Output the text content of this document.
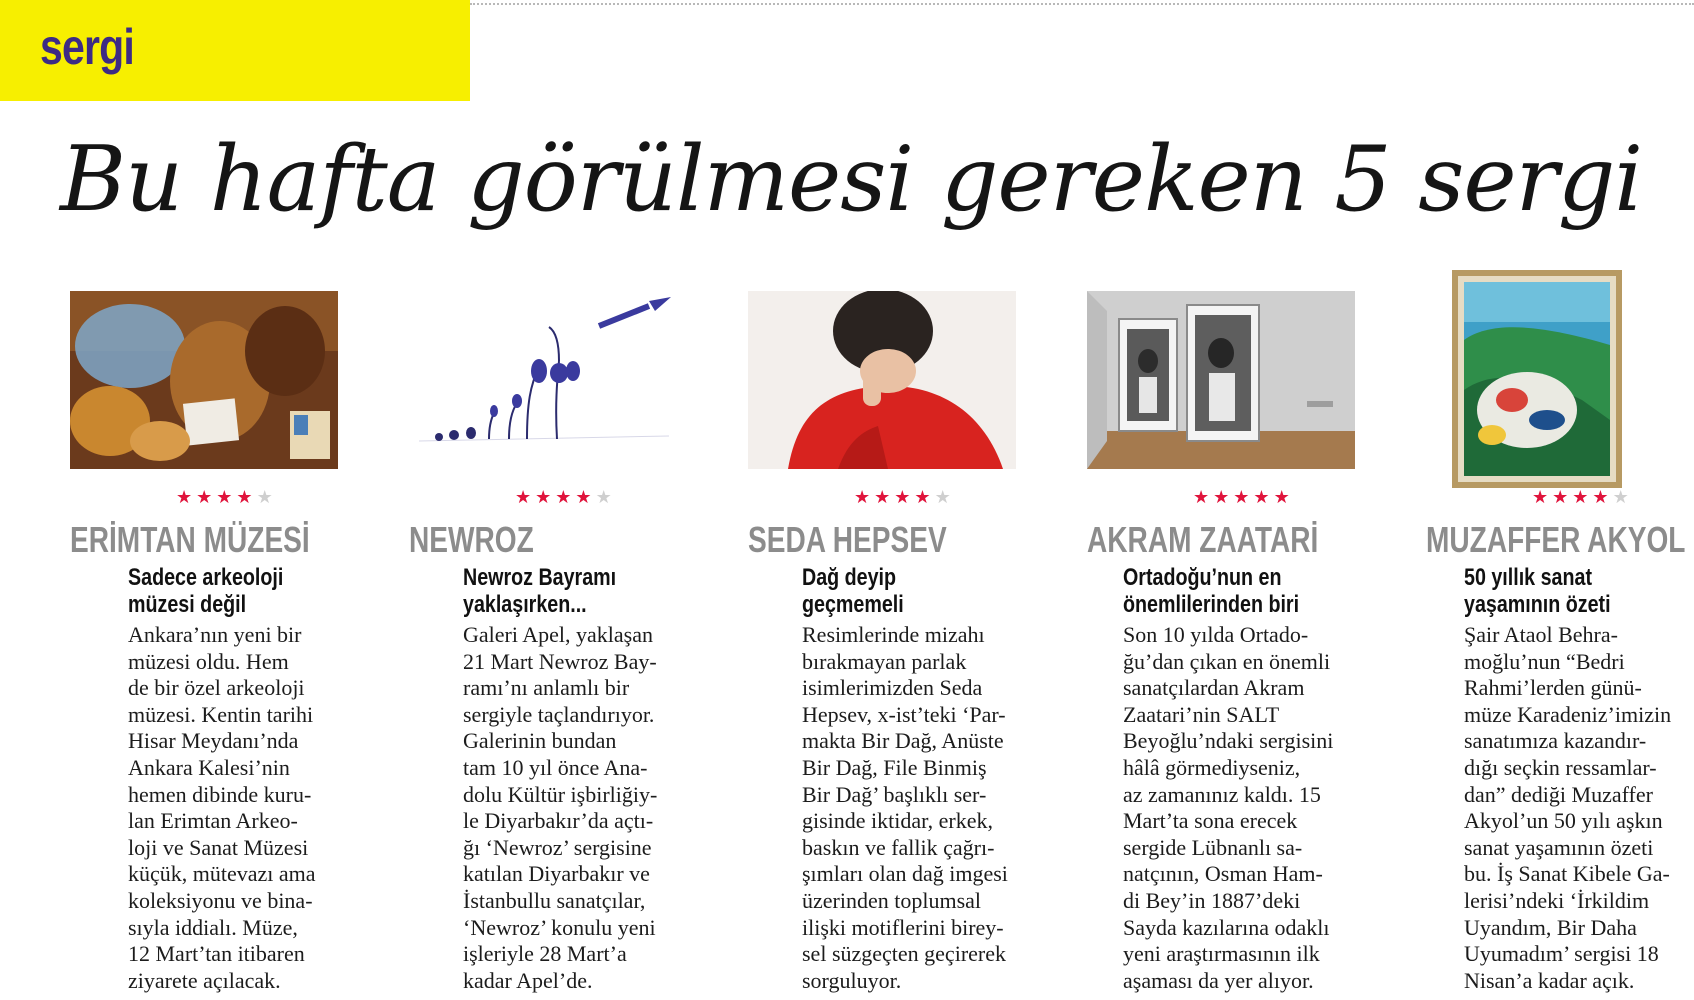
sergi
Bu hafta görülmesi gereken 5 sergi
★★★★★
ERİMTAN MÜZESİ
Sadece arkeoloji
müzesi değil

Ankara’nın yeni bir
müzesi oldu. Hem
de bir özel arkeoloji
müzesi. Kentin tarihi
Hisar Meydanı’nda
Ankara Kalesi’nin
hemen dibinde kuru-
lan Erimtan Arkeo-
loji ve Sanat Müzesi
küçük, mütevazı ama
koleksiyonu ve bina-
sıyla iddialı. Müze,
12 Mart’tan itibaren
ziyarete açılacak.

★★★★★
NEWROZ
Newroz Bayramı
yaklaşırken...

Galeri Apel, yaklaşan
21 Mart Newroz Bay-
ramı’nı anlamlı bir
sergiyle taçlandırıyor.
Galerinin bundan
tam 10 yıl önce Ana-
dolu Kültür işbirliğiy-
le Diyarbakır’da açtı-
ğı ‘Newroz’ sergisine
katılan Diyarbakır ve
İstanbullu sanatçılar,
‘Newroz’ konulu yeni
işleriyle 28 Mart’a
kadar Apel’de.

★★★★★
SEDA HEPSEV
Dağ deyip
geçmemeli

Resimlerinde mizahı
bırakmayan parlak
isimlerimizden Seda
Hepsev, x-ist’teki ‘Par-
makta Bir Dağ, Anüste
Bir Dağ, File Binmiş
Bir Dağ’ başlıklı ser-
gisinde iktidar, erkek,
baskın ve fallik çağrı-
şımları olan dağ imgesi
üzerinden toplumsal
ilişki motiflerini birey-
sel süzgeçten geçirerek
sorguluyor.

★★★★★
AKRAM ZAATARİ
Ortadoğu’nun en
önemlilerinden biri

Son 10 yılda Ortado-
ğu’dan çıkan en önemli
sanatçılardan Akram
Zaatari’nin SALT
Beyoğlu’ndaki sergisini
hâlâ görmediyseniz,
az zamanınız kaldı. 15
Mart’ta sona erecek
sergide Lübnanlı sa-
natçının, Osman Ham-
di Bey’in 1887’deki
Sayda kazılarına odaklı
yeni araştırmasının ilk
aşaması da yer alıyor.

★★★★★
MUZAFFER AKYOL
50 yıllık sanat
yaşamının özeti

Şair Ataol Behra-
moğlu’nun “Bedri
Rahmi’lerden günü-
müze Karadeniz’imizin
sanatımıza kazandır-
dığı seçkin ressamlar-
dan” dediği Muzaffer
Akyol’un 50 yılı aşkın
sanat yaşamının özeti
bu. İş Sanat Kibele Ga-
lerisi’ndeki ‘İrkildim
Uyandım, Bir Daha
Uyumadım’ sergisi 18
Nisan’a kadar açık.
